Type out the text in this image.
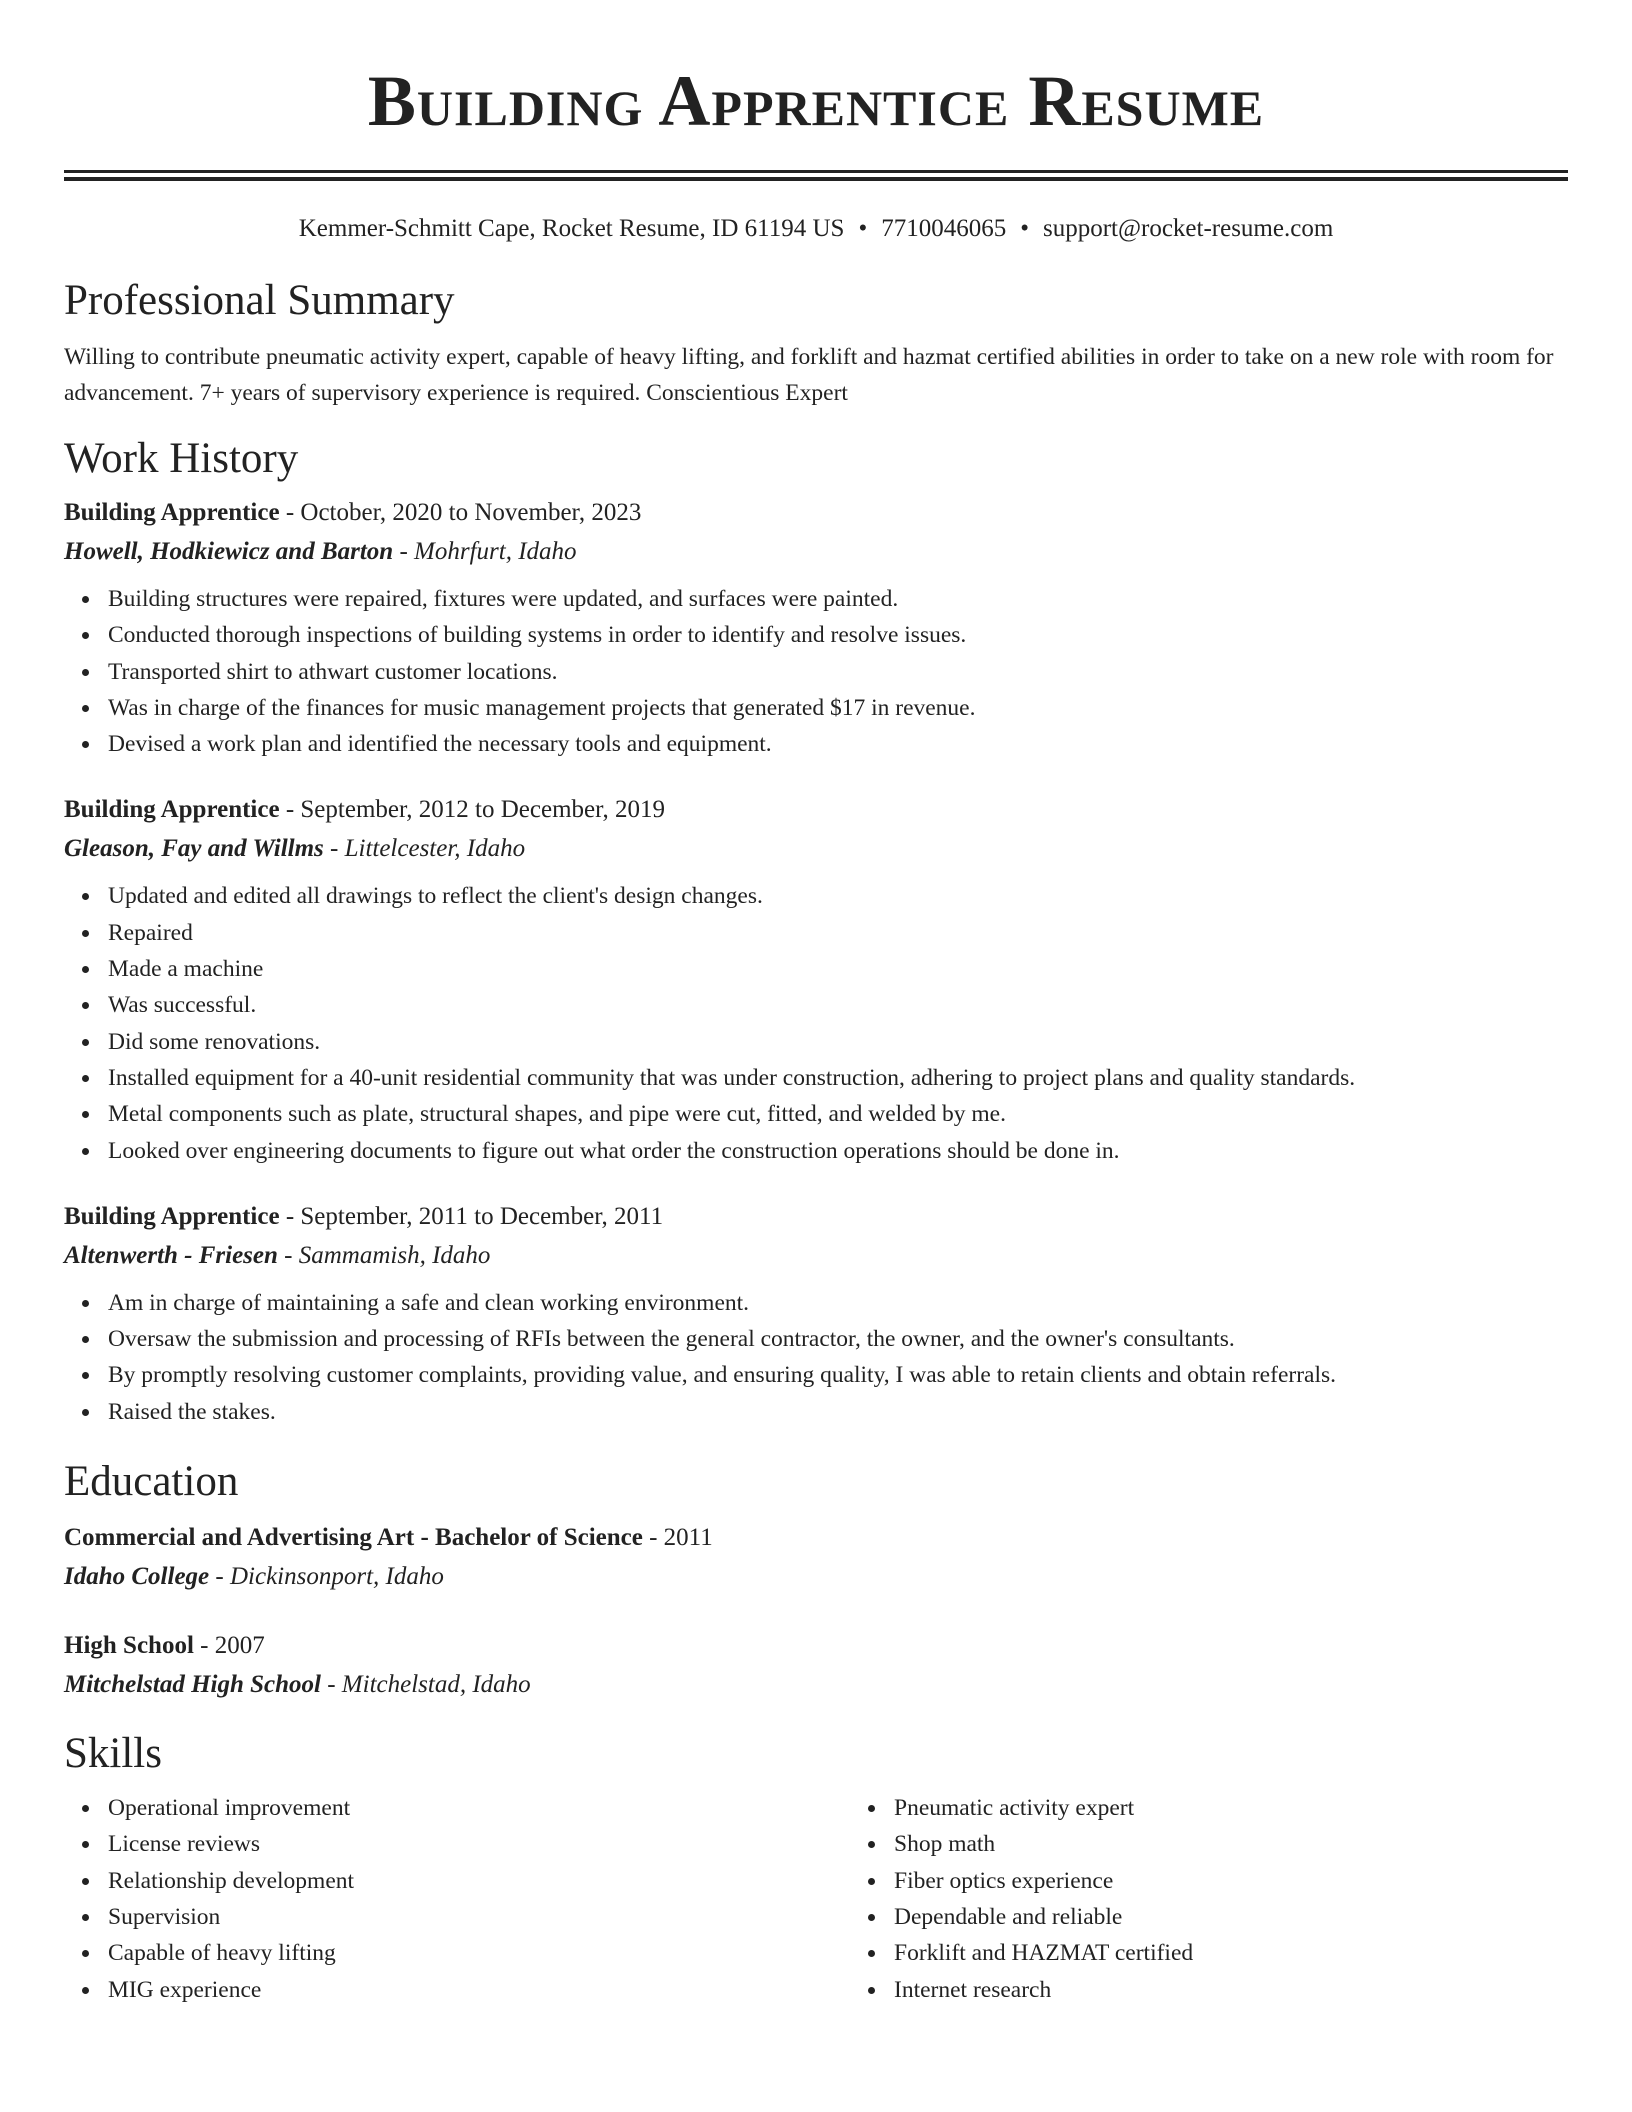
Building Apprentice Resume
Kemmer-Schmitt Cape, Rocket Resume, ID 61194 US • 7710046065 • support@rocket-resume.com
Professional Summary

Willing to contribute pneumatic activity expert, capable of heavy lifting, and forklift and hazmat certified abilities in order to take on a new role with room for advancement. 7+ years of supervisory experience is required. Conscientious Expert

Work History
Building Apprentice - October, 2020 to November, 2023
Howell, Hodkiewicz and Barton - Mohrfurt, Idaho
Building structures were repaired, fixtures were updated, and surfaces were painted.
Conducted thorough inspections of building systems in order to identify and resolve issues.
Transported shirt to athwart customer locations.
Was in charge of the finances for music management projects that generated $17 in revenue.
Devised a work plan and identified the necessary tools and equipment.
Building Apprentice - September, 2012 to December, 2019
Gleason, Fay and Willms - Littelcester, Idaho
Updated and edited all drawings to reflect the client's design changes.
Repaired
Made a machine
Was successful.
Did some renovations.
Installed equipment for a 40-unit residential community that was under construction, adhering to project plans and quality standards.
Metal components such as plate, structural shapes, and pipe were cut, fitted, and welded by me.
Looked over engineering documents to figure out what order the construction operations should be done in.
Building Apprentice - September, 2011 to December, 2011
Altenwerth - Friesen - Sammamish, Idaho
Am in charge of maintaining a safe and clean working environment.
Oversaw the submission and processing of RFIs between the general contractor, the owner, and the owner's consultants.
By promptly resolving customer complaints, providing value, and ensuring quality, I was able to retain clients and obtain referrals.
Raised the stakes.
Education
Commercial and Advertising Art - Bachelor of Science - 2011
Idaho College - Dickinsonport, Idaho
High School - 2007
Mitchelstad High School - Mitchelstad, Idaho
Skills
Operational improvement
License reviews
Relationship development
Supervision
Capable of heavy lifting
MIG experience
Pneumatic activity expert
Shop math
Fiber optics experience
Dependable and reliable
Forklift and HAZMAT certified
Internet research
